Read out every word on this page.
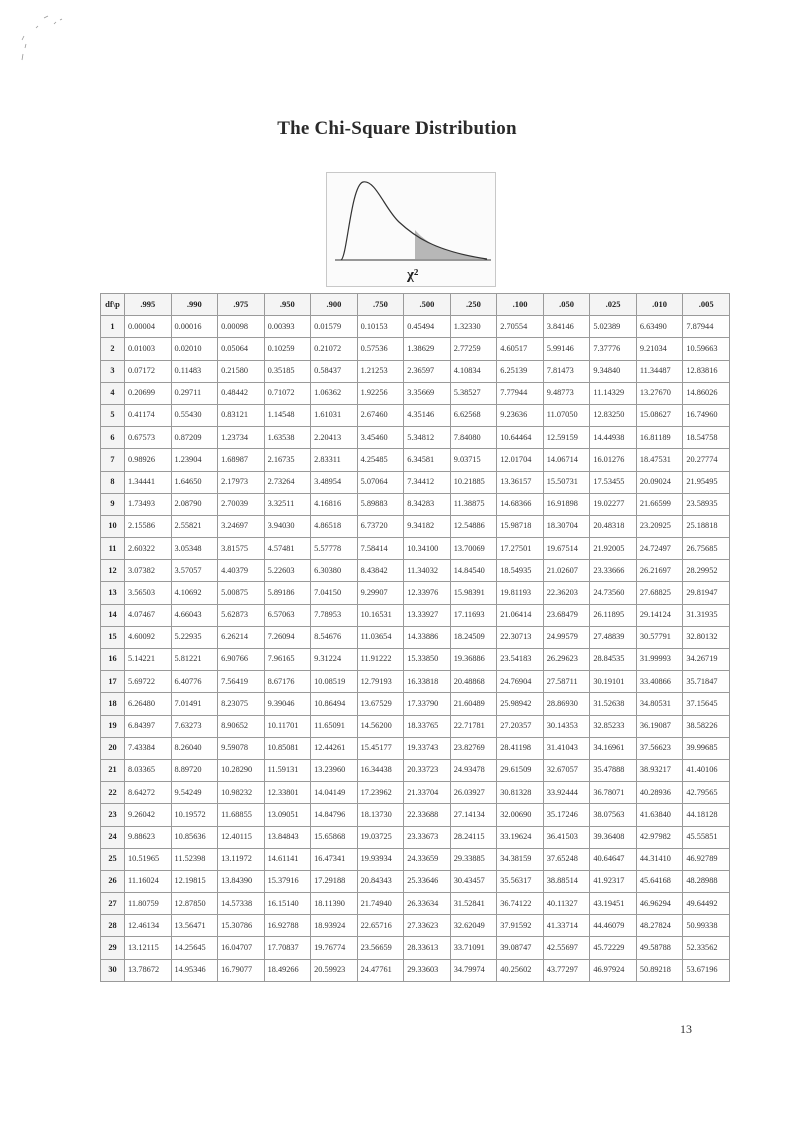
The Chi-Square Distribution
χ²
df\p	.995	.990	.975	.950	.900	.750	.500	.250	.100	.050	.025	.010	.005
1	0.00004	0.00016	0.00098	0.00393	0.01579	0.10153	0.45494	1.32330	2.70554	3.84146	5.02389	6.63490	7.87944
2	0.01003	0.02010	0.05064	0.10259	0.21072	0.57536	1.38629	2.77259	4.60517	5.99146	7.37776	9.21034	10.59663
3	0.07172	0.11483	0.21580	0.35185	0.58437	1.21253	2.36597	4.10834	6.25139	7.81473	9.34840	11.34487	12.83816
4	0.20699	0.29711	0.48442	0.71072	1.06362	1.92256	3.35669	5.38527	7.77944	9.48773	11.14329	13.27670	14.86026
5	0.41174	0.55430	0.83121	1.14548	1.61031	2.67460	4.35146	6.62568	9.23636	11.07050	12.83250	15.08627	16.74960
6	0.67573	0.87209	1.23734	1.63538	2.20413	3.45460	5.34812	7.84080	10.64464	12.59159	14.44938	16.81189	18.54758
7	0.98926	1.23904	1.68987	2.16735	2.83311	4.25485	6.34581	9.03715	12.01704	14.06714	16.01276	18.47531	20.27774
8	1.34441	1.64650	2.17973	2.73264	3.48954	5.07064	7.34412	10.21885	13.36157	15.50731	17.53455	20.09024	21.95495
9	1.73493	2.08790	2.70039	3.32511	4.16816	5.89883	8.34283	11.38875	14.68366	16.91898	19.02277	21.66599	23.58935
10	2.15586	2.55821	3.24697	3.94030	4.86518	6.73720	9.34182	12.54886	15.98718	18.30704	20.48318	23.20925	25.18818
11	2.60322	3.05348	3.81575	4.57481	5.57778	7.58414	10.34100	13.70069	17.27501	19.67514	21.92005	24.72497	26.75685
12	3.07382	3.57057	4.40379	5.22603	6.30380	8.43842	11.34032	14.84540	18.54935	21.02607	23.33666	26.21697	28.29952
13	3.56503	4.10692	5.00875	5.89186	7.04150	9.29907	12.33976	15.98391	19.81193	22.36203	24.73560	27.68825	29.81947
14	4.07467	4.66043	5.62873	6.57063	7.78953	10.16531	13.33927	17.11693	21.06414	23.68479	26.11895	29.14124	31.31935
15	4.60092	5.22935	6.26214	7.26094	8.54676	11.03654	14.33886	18.24509	22.30713	24.99579	27.48839	30.57791	32.80132
16	5.14221	5.81221	6.90766	7.96165	9.31224	11.91222	15.33850	19.36886	23.54183	26.29623	28.84535	31.99993	34.26719
17	5.69722	6.40776	7.56419	8.67176	10.08519	12.79193	16.33818	20.48868	24.76904	27.58711	30.19101	33.40866	35.71847
18	6.26480	7.01491	8.23075	9.39046	10.86494	13.67529	17.33790	21.60489	25.98942	28.86930	31.52638	34.80531	37.15645
19	6.84397	7.63273	8.90652	10.11701	11.65091	14.56200	18.33765	22.71781	27.20357	30.14353	32.85233	36.19087	38.58226
20	7.43384	8.26040	9.59078	10.85081	12.44261	15.45177	19.33743	23.82769	28.41198	31.41043	34.16961	37.56623	39.99685
21	8.03365	8.89720	10.28290	11.59131	13.23960	16.34438	20.33723	24.93478	29.61509	32.67057	35.47888	38.93217	41.40106
22	8.64272	9.54249	10.98232	12.33801	14.04149	17.23962	21.33704	26.03927	30.81328	33.92444	36.78071	40.28936	42.79565
23	9.26042	10.19572	11.68855	13.09051	14.84796	18.13730	22.33688	27.14134	32.00690	35.17246	38.07563	41.63840	44.18128
24	9.88623	10.85636	12.40115	13.84843	15.65868	19.03725	23.33673	28.24115	33.19624	36.41503	39.36408	42.97982	45.55851
25	10.51965	11.52398	13.11972	14.61141	16.47341	19.93934	24.33659	29.33885	34.38159	37.65248	40.64647	44.31410	46.92789
26	11.16024	12.19815	13.84390	15.37916	17.29188	20.84343	25.33646	30.43457	35.56317	38.88514	41.92317	45.64168	48.28988
27	11.80759	12.87850	14.57338	16.15140	18.11390	21.74940	26.33634	31.52841	36.74122	40.11327	43.19451	46.96294	49.64492
28	12.46134	13.56471	15.30786	16.92788	18.93924	22.65716	27.33623	32.62049	37.91592	41.33714	44.46079	48.27824	50.99338
29	13.12115	14.25645	16.04707	17.70837	19.76774	23.56659	28.33613	33.71091	39.08747	42.55697	45.72229	49.58788	52.33562
30	13.78672	14.95346	16.79077	18.49266	20.59923	24.47761	29.33603	34.79974	40.25602	43.77297	46.97924	50.89218	53.67196
13
